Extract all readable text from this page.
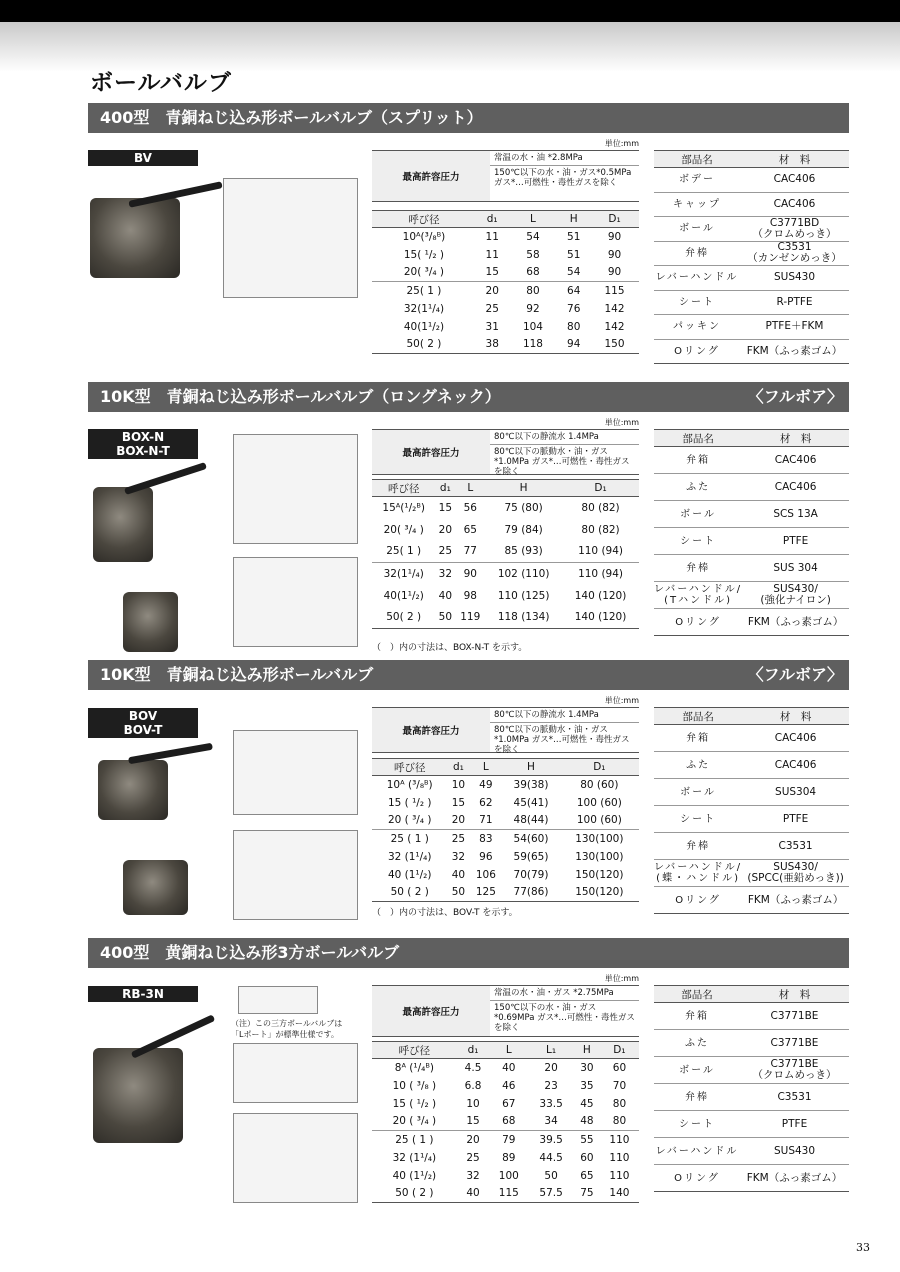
ボールバルブ
400型　青銅ねじ込み形ボールバルブ（スプリット）
BV
単位:mm
最高許容圧力
常温の水・油 *2.8MPa
150℃以下の水・油・ガス*0.5MPa ガス*…可燃性・毒性ガスを除く
呼び径	d₁	L	H	D₁
10ᴬ(³/₈ᴮ)	11	54	51	90
15( ¹/₂ )	11	58	51	90
20( ³/₄ )	15	68	54	90
25( 1 )	20	80	64	115
32(1¹/₄)	25	92	76	142
40(1¹/₂)	31	104	80	142
50( 2 )	38	118	94	150
部品名	材　料
ボデー	CAC406
キャップ	CAC406
ボール	C3771BD
（クロムめっき）
弁棒	C3531
（カンゼンめっき）
レバーハンドル	SUS430
シート	R-PTFE
パッキン	PTFE＋FKM
Oリング	FKM（ふっ素ゴム）
10K型　青銅ねじ込み形ボールバルブ（ロングネック）	〈フルボア〉
BOX-N
BOX-N-T
単位:mm
最高許容圧力
80℃以下の静流水 1.4MPa
80℃以下の脈動水・油・ガス*1.0MPa ガス*…可燃性・毒性ガスを除く
呼び径	d₁	L	H	D₁
15ᴬ(¹/₂ᴮ)	15	56	75 (80)	80 (82)
20( ³/₄ )	20	65	79 (84)	80 (82)
25( 1 )	25	77	85 (93)	110 (94)
32(1¹/₄)	32	90	102 (110)	110 (94)
40(1¹/₂)	40	98	110 (125)	140 (120)
50( 2 )	50	119	118 (134)	140 (120)
（　）内の寸法は、BOX-N-T を示す。
部品名	材　料
弁箱	CAC406
ふた	CAC406
ボール	SCS 13A
シート	PTFE
弁棒	SUS 304
レバーハンドル/
(Tハンドル)	SUS430/
(強化ナイロン)
Oリング	FKM（ふっ素ゴム）
10K型　青銅ねじ込み形ボールバルブ	〈フルボア〉
BOV
BOV-T
単位:mm
最高許容圧力
80℃以下の静流水 1.4MPa
80℃以下の脈動水・油・ガス*1.0MPa ガス*…可燃性・毒性ガスを除く
呼び径	d₁	L	H	D₁
10ᴬ (³/₈ᴮ)	10	49	39(38)	80 (60)
15 ( ¹/₂ )	15	62	45(41)	100 (60)
20 ( ³/₄ )	20	71	48(44)	100 (60)
25 ( 1 )	25	83	54(60)	130(100)
32 (1¹/₄)	32	96	59(65)	130(100)
40 (1¹/₂)	40	106	70(79)	150(120)
50 ( 2 )	50	125	77(86)	150(120)
（　）内の寸法は、BOV-T を示す。
部品名	材　料
弁箱	CAC406
ふた	CAC406
ボール	SUS304
シート	PTFE
弁棒	C3531
レバーハンドル/
(蝶・ハンドル)	SUS430/
(SPCC(亜鉛めっき))
Oリング	FKM（ふっ素ゴム）
400型　黄銅ねじ込み形3方ボールバルブ
RB-3N
（注）この三方ボールバルブは
「Lポート」が標準仕様です。
単位:mm
最高許容圧力
常温の水・油・ガス *2.75MPa
150℃以下の水・油・ガス*0.69MPa ガス*…可燃性・毒性ガスを除く
呼び径	d₁	L	L₁	H	D₁
8ᴬ (¹/₄ᴮ)	4.5	40	20	30	60
10 ( ³/₈ )	6.8	46	23	35	70
15 ( ¹/₂ )	10	67	33.5	45	80
20 ( ³/₄ )	15	68	34	48	80
25 ( 1 )	20	79	39.5	55	110
32 (1¹/₄)	25	89	44.5	60	110
40 (1¹/₂)	32	100	50	65	110
50 ( 2 )	40	115	57.5	75	140
部品名	材　料
弁箱	C3771BE
ふた	C3771BE
ボール	C3771BE
（クロムめっき）
弁棒	C3531
シート	PTFE
レバーハンドル	SUS430
Oリング	FKM（ふっ素ゴム）
33
